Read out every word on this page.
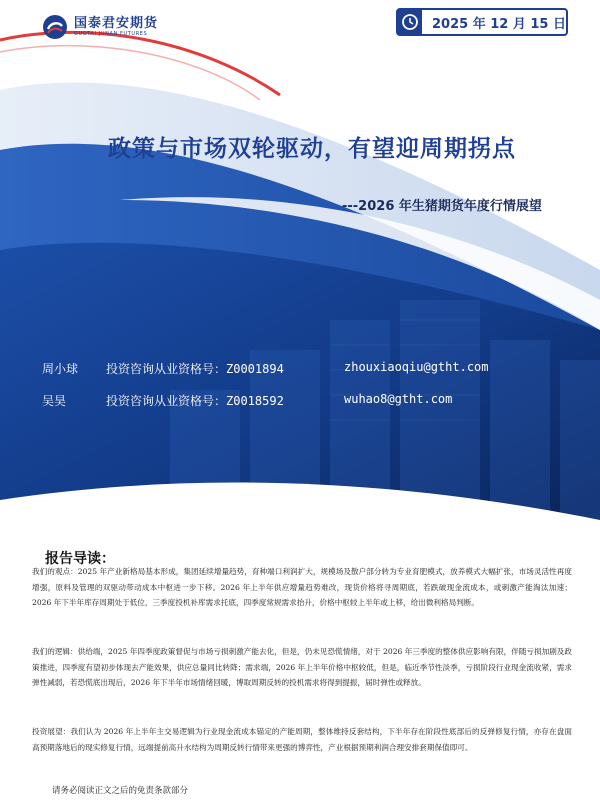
国泰君安期货
GUOTAI JUNAN FUTURES
2025 年 12 月 15 日
政策与市场双轮驱动，有望迎周期拐点
---2026 年生猪期货年度行情展望
周小球 投资咨询从业资格号：Z0001894	zhouxiaoqiu@gtht.com
吴昊	投资咨询从业资格号：Z0018592	wuhao8@gtht.com
报告导读：

我们的观点：2025 年产业新格局基本形成，集团延续增量趋势，育种端口利润扩大，规模场及散户部分转为专业育肥模式，放养模式大幅扩张，市场灵活性再度增强，原料及管理的双驱动带动成本中枢进一步下移。2026 年上半年供应增量趋势难改，现货价格将寻周期底，若跌破现金流成本，或刺激产能淘汰加速；2026 年下半年库存周期处于低位，三季度投机补库需求托底，四季度常规需求抬升，价格中枢较上半年或上移，给出微利格局判断。

我们的逻辑：供给端，2025 年四季度政策督促与市场亏损刺激产能去化，但是，仍未见恐慌情绪，对于 2026 年三季度的整体供应影响有限，伴随亏损加剧及政策推进，四季度有望初步体现去产能效果，供应总量同比转降；需求端，2026 年上半年价格中枢较低，但是，临近季节性淡季，亏损阶段行业现金流收紧，需求弹性减弱，若恐慌底出现后，2026 年下半年市场情绪回暖，博取周期反转的投机需求将得到提振，届时弹性或释放。

投资展望：我们认为 2026 年上半年主交易逻辑为行业现金流成本锚定的产能周期，整体维持反套结构，下半年存在阶段性底部后的反弹修复行情，亦存在盘面高预期落地后的现实修复行情，远端提前高升水结构为周期反转行情带来更强的博弈性，产业根据预期利润合理安排套期保值即可。

请务必阅读正文之后的免责条款部分
